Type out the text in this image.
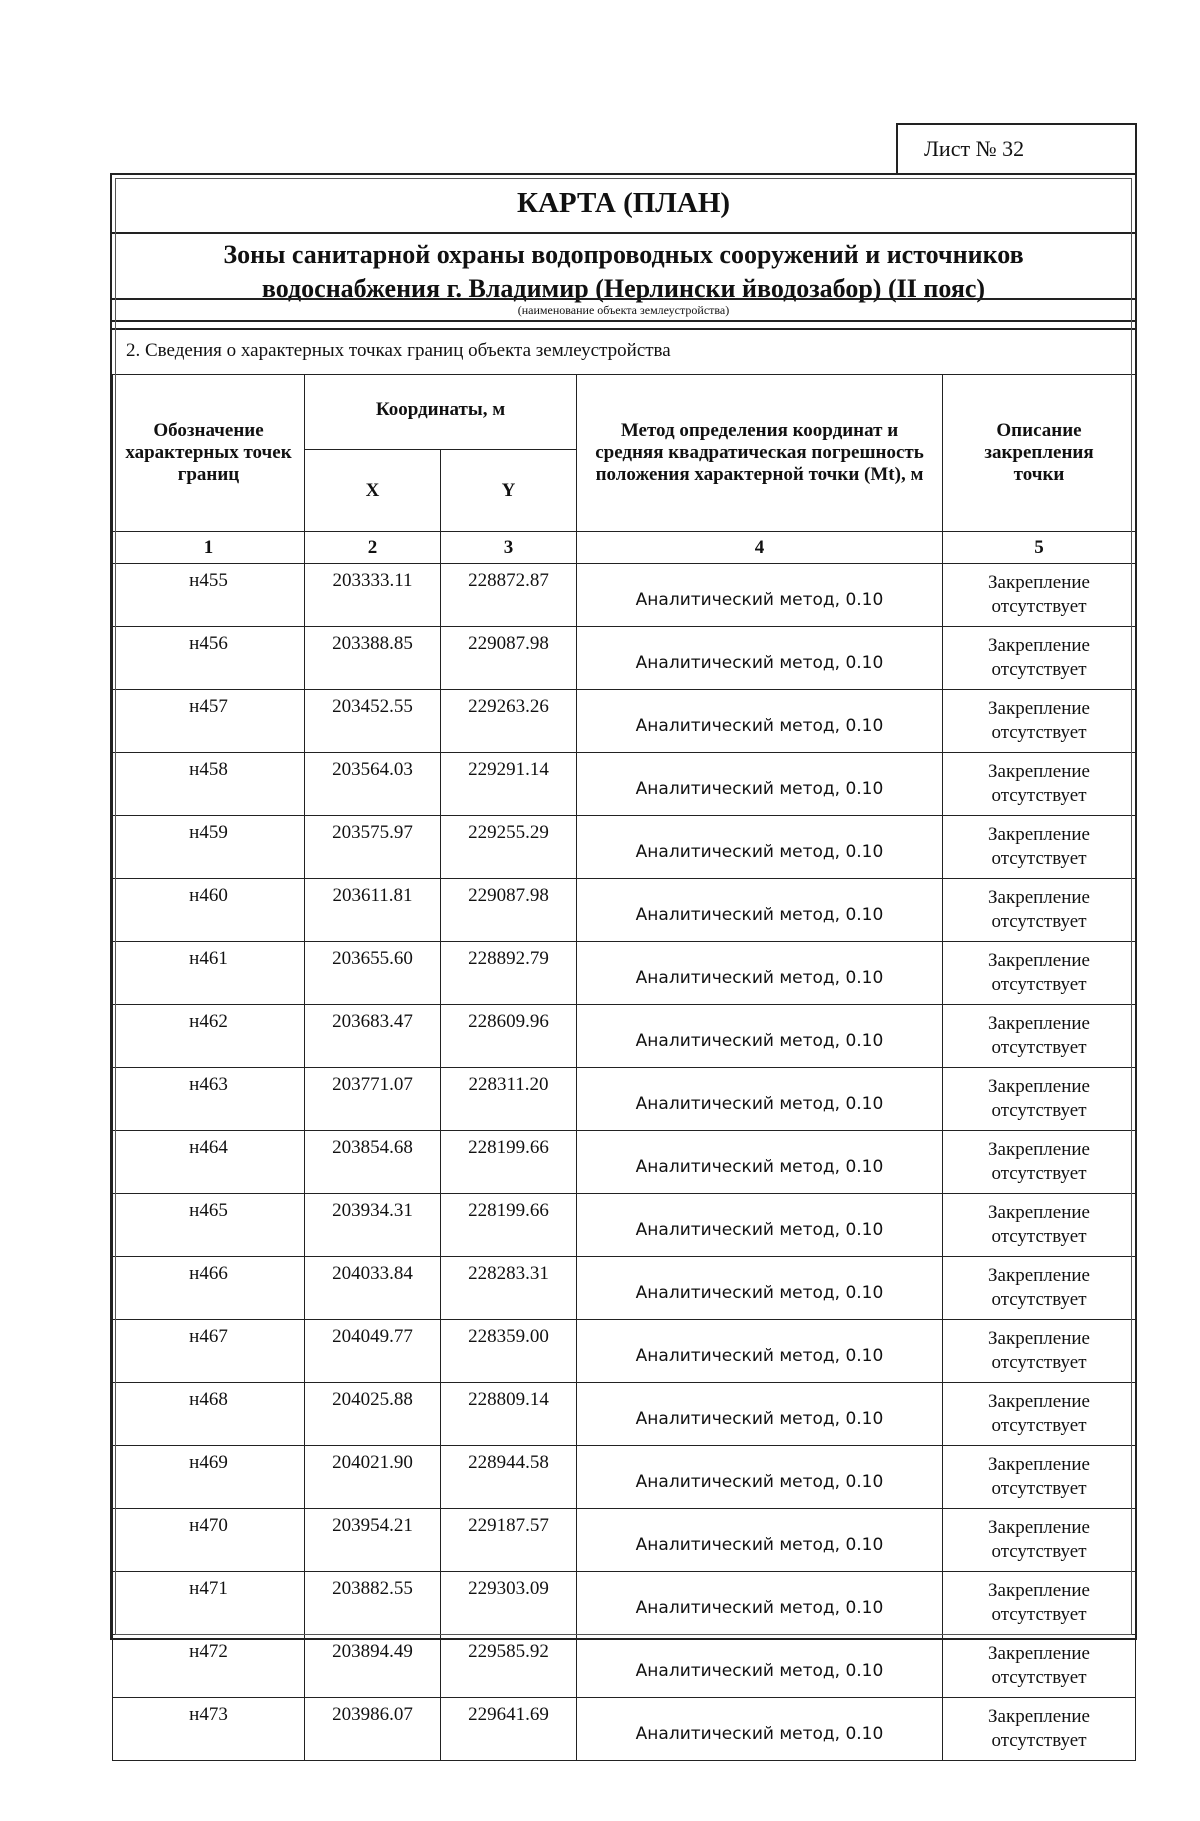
Лист № 32
КАРТА (ПЛАН)
Зоны санитарной охраны водопроводных сооружений и источников
водоснабжения г. Владимир (Нерлински йводозабор) (II пояс)
(наименование объекта землеустройства)
2. Сведения о характерных точках границ объекта землеустройства
Обозначение характерных точек границ	Координаты, м		Метод определения координат и средняя квадратическая погрешность положения характерной точки (Mt), м	Описание закрепления точки
	X	Y		
1	2	3	4	5
н455	203333.11	228872.87	Аналитический метод, 0.10	Закрепление
отсутствует

н456	203388.85	229087.98	Аналитический метод, 0.10	Закрепление
отсутствует

н457	203452.55	229263.26	Аналитический метод, 0.10	Закрепление
отсутствует

н458	203564.03	229291.14	Аналитический метод, 0.10	Закрепление
отсутствует

н459	203575.97	229255.29	Аналитический метод, 0.10	Закрепление
отсутствует

н460	203611.81	229087.98	Аналитический метод, 0.10	Закрепление
отсутствует

н461	203655.60	228892.79	Аналитический метод, 0.10	Закрепление
отсутствует

н462	203683.47	228609.96	Аналитический метод, 0.10	Закрепление
отсутствует

н463	203771.07	228311.20	Аналитический метод, 0.10	Закрепление
отсутствует

н464	203854.68	228199.66	Аналитический метод, 0.10	Закрепление
отсутствует

н465	203934.31	228199.66	Аналитический метод, 0.10	Закрепление
отсутствует

н466	204033.84	228283.31	Аналитический метод, 0.10	Закрепление
отсутствует

н467	204049.77	228359.00	Аналитический метод, 0.10	Закрепление
отсутствует

н468	204025.88	228809.14	Аналитический метод, 0.10	Закрепление
отсутствует

н469	204021.90	228944.58	Аналитический метод, 0.10	Закрепление
отсутствует

н470	203954.21	229187.57	Аналитический метод, 0.10	Закрепление
отсутствует

н471	203882.55	229303.09	Аналитический метод, 0.10	Закрепление
отсутствует

н472	203894.49	229585.92	Аналитический метод, 0.10	Закрепление
отсутствует

н473	203986.07	229641.69	Аналитический метод, 0.10	Закрепление
отсутствует
